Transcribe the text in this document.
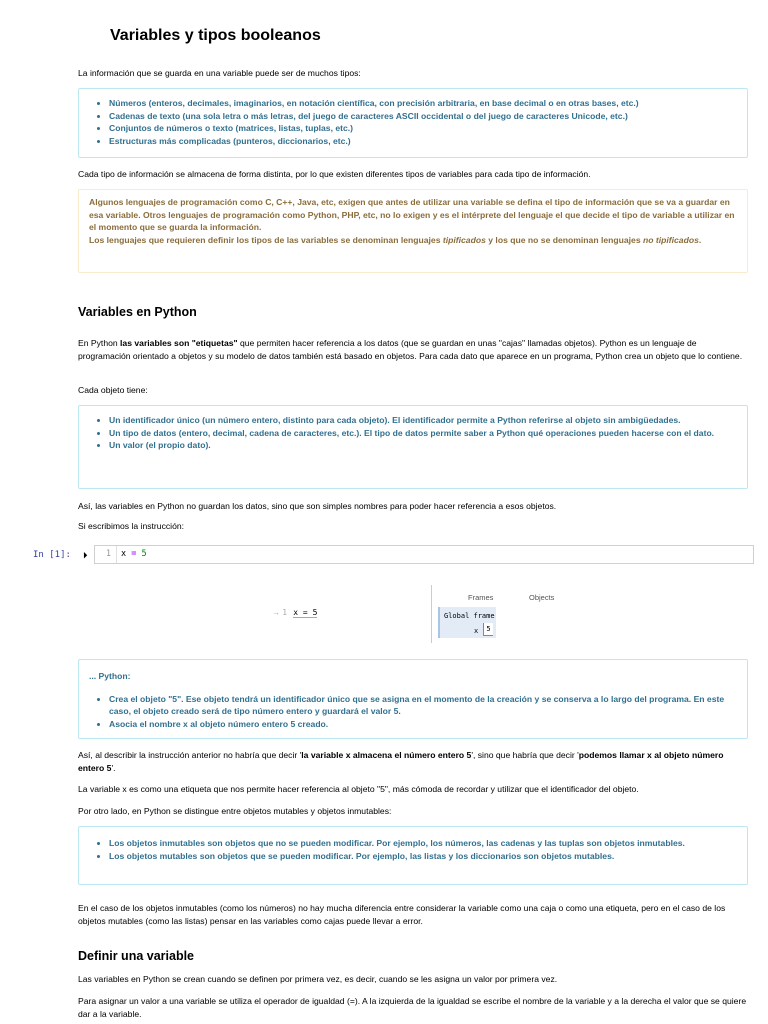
Variables y tipos booleanos

La información que se guarda en una variable puede ser de muchos tipos:

• Números (enteros, decimales, imaginarios, en notación científica, con precisión arbitraria, en base decimal o en otras bases, etc.)
• Cadenas de texto (una sola letra o más letras, del juego de caracteres ASCII occidental o del juego de caracteres Unicode, etc.)
• Conjuntos de números o texto (matrices, listas, tuplas, etc.)
• Estructuras más complicadas (punteros, diccionarios, etc.)

Cada tipo de información se almacena de forma distinta, por lo que existen diferentes tipos de variables para cada tipo de información.

Algunos lenguajes de programación como C, C++, Java, etc, exigen que antes de utilizar una variable se defina el tipo de información que se va a guardar en esa variable. Otros lenguajes de programación como Python, PHP, etc, no lo exigen y es el intérprete del lenguaje el que decide el tipo de variable a utilizar en el momento que se guarda la información.

Los lenguajes que requieren definir los tipos de las variables se denominan lenguajes tipificados y los que no se denominan lenguajes no tipificados.

Variables en Python

En Python las variables son "etiquetas" que permiten hacer referencia a los datos (que se guardan en unas "cajas" llamadas objetos). Python es un lenguaje de programación orientado a objetos y su modelo de datos también está basado en objetos. Para cada dato que aparece en un programa, Python crea un objeto que lo contiene.

Cada objeto tiene:

• Un identificador único (un número entero, distinto para cada objeto). El identificador permite a Python referirse al objeto sin ambigüedades.
• Un tipo de datos (entero, decimal, cadena de caracteres, etc.). El tipo de datos permite saber a Python qué operaciones pueden hacerse con el dato.
• Un valor (el propio dato).

Así, las variables en Python no guardan los datos, sino que son simples nombres para poder hacer referencia a esos objetos.

Si escribimos la instrucción:

In [1]: ⏵	1	x = 5
→ 1 x = 5
Frames	Objects
Global frame
x	5

... Python:

• Crea el objeto "5". Ese objeto tendrá un identificador único que se asigna en el momento de la creación y se conserva a lo largo del programa. En este caso, el objeto creado será de tipo número entero y guardará el valor 5.
• Asocia el nombre x al objeto número entero 5 creado.

Así, al describir la instrucción anterior no habría que decir 'la variable x almacena el número entero 5', sino que habría que decir 'podemos llamar x al objeto número entero 5'.

La variable x es como una etiqueta que nos permite hacer referencia al objeto "5", más cómoda de recordar y utilizar que el identificador del objeto.

Por otro lado, en Python se distingue entre objetos mutables y objetos inmutables:

• Los objetos inmutables son objetos que no se pueden modificar. Por ejemplo, los números, las cadenas y las tuplas son objetos inmutables.
• Los objetos mutables son objetos que se pueden modificar. Por ejemplo, las listas y los diccionarios son objetos mutables.

En el caso de los objetos inmutables (como los números) no hay mucha diferencia entre considerar la variable como una caja o como una etiqueta, pero en el caso de los objetos mutables (como las listas) pensar en las variables como cajas puede llevar a error.

Definir una variable

Las variables en Python se crean cuando se definen por primera vez, es decir, cuando se les asigna un valor por primera vez.

Para asignar un valor a una variable se utiliza el operador de igualdad (=). A la izquierda de la igualdad se escribe el nombre de la variable y a la derecha el valor que se quiere dar a la variable.
